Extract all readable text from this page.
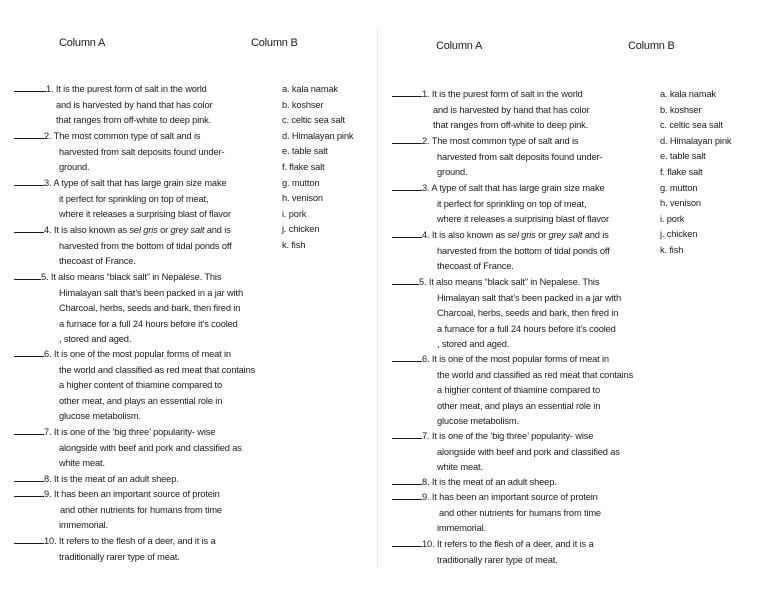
Column A	Column B
a. kala namak
b. koshser
c. celtic sea salt
d. Himalayan pink
e. table salt
f. flake salt
g. mutton
h. venison
i. pork
j. chicken
k. fish
1. It is the purest form of salt in the world
and is harvested by hand that has color
that ranges from off-white to deep pink.
2. The most common type of salt and is
harvested from salt deposits found under-
ground.
3. A type of salt that has large grain size make
it perfect for sprinkling on top of meat,
where it releases a surprising blast of flavor
4. It is also known as sel gris or grey salt and is
harvested from the bottom of tidal ponds off
thecoast of France.
5. It also means “black salt” in Nepalese. This
Himalayan salt that’s been packed in a jar with
Charcoal, herbs, seeds and bark, then fired in
a furnace for a full 24 hours before it’s cooled
, stored and aged.
6. It is one of the most popular forms of meat in
the world and classified as red meat that contains
a higher content of thiamine compared to
other meat, and plays an essential role in
glucose metabolism.
7. It is one of the ‘big three’ popularity- wise
alongside with beef and pork and classified as
white meat.
8. It is the meat of an adult sheep.
9. It has been an important source of protein
and other nutrients for humans from time
immemorial.
10. It refers to the flesh of a deer, and it is a
traditionally rarer type of meat.
Column A	Column B
a. kala namak
b. koshser
c. celtic sea salt
d. Himalayan pink
e. table salt
f. flake salt
g. mutton
h. venison
i. pork
j. chicken
k. fish
1. It is the purest form of salt in the world
and is harvested by hand that has color
that ranges from off-white to deep pink.
2. The most common type of salt and is
harvested from salt deposits found under-
ground.
3. A type of salt that has large grain size make
it perfect for sprinkling on top of meat,
where it releases a surprising blast of flavor
4. It is also known as sel gris or grey salt and is
harvested from the bottom of tidal ponds off
thecoast of France.
5. It also means “black salt” in Nepalese. This
Himalayan salt that’s been packed in a jar with
Charcoal, herbs, seeds and bark, then fired in
a furnace for a full 24 hours before it’s cooled
, stored and aged.
6. It is one of the most popular forms of meat in
the world and classified as red meat that contains
a higher content of thiamine compared to
other meat, and plays an essential role in
glucose metabolism.
7. It is one of the ‘big three’ popularity- wise
alongside with beef and pork and classified as
white meat.
8. It is the meat of an adult sheep.
9. It has been an important source of protein
and other nutrients for humans from time
immemorial.
10. It refers to the flesh of a deer, and it is a
traditionally rarer type of meat.
